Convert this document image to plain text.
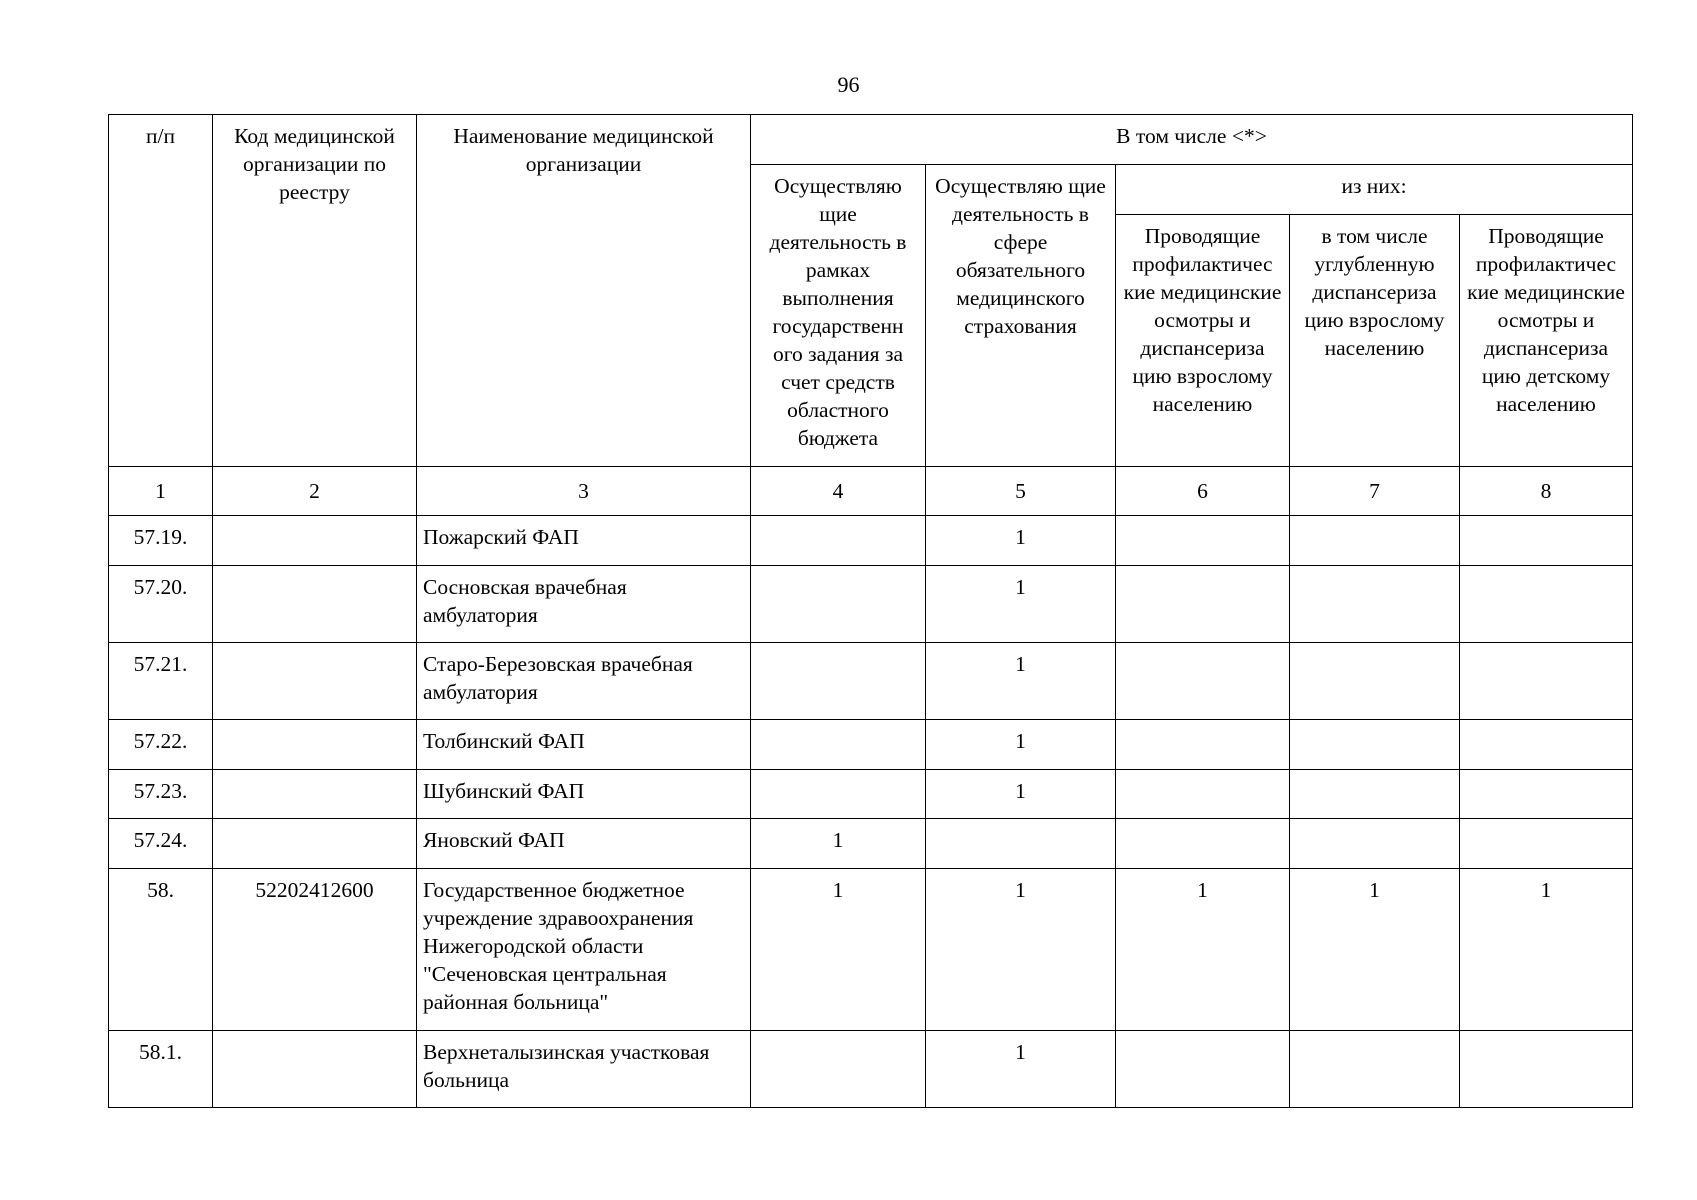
96
п/п	Код медицинской организации по реестру	Наименование медицинской организации	В том числе <*>				
			Осуществляю щие деятельность в рамках выполнения государственн ого задания за счет средств областного бюджета	Осуществляю щие деятельность в сфере обязательного медицинского страхования	из них:		
					Проводящие профилактичес кие медицинские осмотры и диспансериза цию взрослому населению	в том числе углубленную диспансериза цию взрослому населению	Проводящие профилактичес кие медицинские осмотры и диспансериза цию детскому населению
1	2	3	4	5	6	7	8
57.19.		Пожарский ФАП		1			
57.20.		Сосновская врачебная амбулатория		1			
57.21.		Старо-Березовская врачебная амбулатория		1			
57.22.		Толбинский ФАП		1			
57.23.		Шубинский ФАП		1			
57.24.		Яновский ФАП	1				
58.	52202412600	Государственное бюджетное учреждение здравоохранения Нижегородской области "Сеченовская центральная районная больница"	1	1	1	1	1
58.1.		Верхнеталызинская участковая больница		1			
